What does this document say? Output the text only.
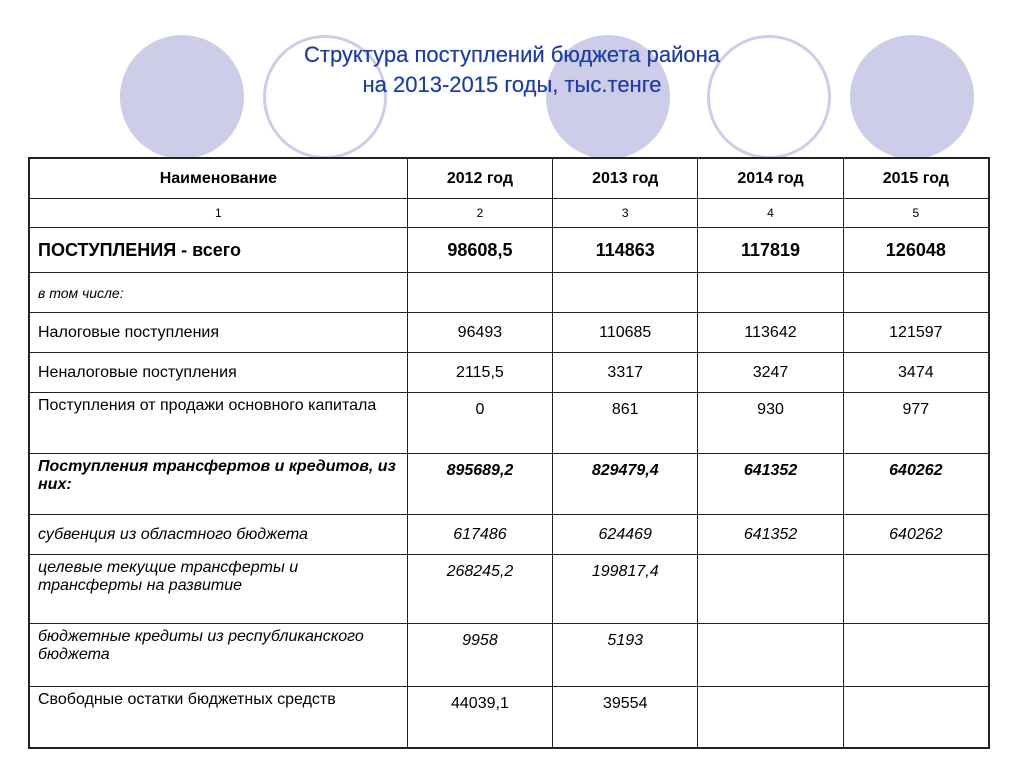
Структура поступлений бюджета района
на 2013-2015 годы, тыс.тенге
Наименование	2012 год	2013 год	2014 год	2015 год
1	2	3	4	5
ПОСТУПЛЕНИЯ - всего	98608,5	114863	117819	126048
в том числе:				
Налоговые поступления	96493	110685	113642	121597
Неналоговые поступления	2115,5	3317	3247	3474
Поступления от продажи основного капитала	0	861	930	977
Поступления трансфертов и кредитов, из них:	895689,2	829479,4	641352	640262
субвенция из областного бюджета	617486	624469	641352	640262
целевые текущие трансферты и трансферты на развитие	268245,2	199817,4		
бюджетные кредиты из республиканского бюджета	9958	5193		
Свободные остатки бюджетных средств	44039,1	39554		
